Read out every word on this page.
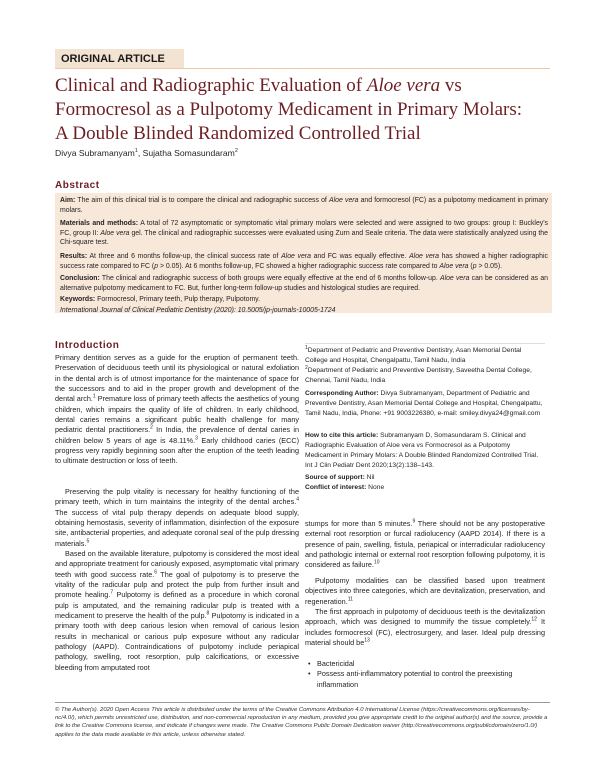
ORIGINAL ARTICLE
Clinical and Radiographic Evaluation of Aloe vera vs
Formocresol as a Pulpotomy Medicament in Primary Molars:
A Double Blinded Randomized Controlled Trial
Divya Subramanyam$^1$, Sujatha Somasundaram$^2$
Abstract

Aim: The aim of this clinical trial is to compare the clinical and radiographic success of Aloe vera and formocresol (FC) as a pulpotomy medicament in primary molars.

Materials and methods: A total of 72 asymptomatic or symptomatic vital primary molars were selected and were assigned to two groups: group I: Buckley's FC, group II: Aloe vera gel. The clinical and radiographic successes were evaluated using Zurn and Seale criteria. The data were statistically analyzed using the Chi-square test.

Results: At three and 6 months follow-up, the clinical success rate of Aloe vera and FC was equally effective. Aloe vera has showed a higher radiographic success rate compared to FC (p > 0.05). At 6 months follow-up, FC showed a higher radiographic success rate compared to Aloe vera (p > 0.05).

Conclusion: The clinical and radiographic success of both groups were equally effective at the end of 6 months follow-up. Aloe vera can be considered as an alternative pulpotomy medicament to FC. But, further long-term follow-up studies and histological studies are required.

Keywords: Formocresol, Primary teeth, Pulp therapy, Pulpotomy.

International Journal of Clinical Pediatric Dentistry (2020): 10.5005/jp-journals-10005-1724

Introduction

Primary dentition serves as a guide for the eruption of permanent teeth. Preservation of deciduous teeth until its physiological or natural exfoliation in the dental arch is of utmost importance for the maintenance of space for the successors and to aid in the proper growth and development of the dental arch.$^1$ Premature loss of primary teeth affects the aesthetics of young children, which impairs the quality of life of children. In early childhood, dental caries remains a significant public health challenge for many pediatric dental practitioners.$^2$ In India, the prevalence of dental caries in children below 5 years of age is 48.11%.$^3$ Early childhood caries (ECC) progress very rapidly beginning soon after the eruption of the teeth leading to ultimate destruction or loss of teeth.

Preserving the pulp vitality is necessary for healthy functioning of the primary teeth, which in turn maintains the integrity of the dental arches.$^4$ The success of vital pulp therapy depends on adequate blood supply, obtaining hemostasis, severity of inflammation, disinfection of the exposure site, antibacterial properties, and adequate coronal seal of the pulp dressing materials.$^5$

Based on the available literature, pulpotomy is considered the most ideal and appropriate treatment for cariously exposed, asymptomatic vital primary teeth with good success rate.$^6$ The goal of pulpotomy is to preserve the vitality of the radicular pulp and protect the pulp from further insult and promote healing.$^7$ Pulpotomy is defined as a procedure in which coronal pulp is amputated, and the remaining radicular pulp is treated with a medicament to preserve the health of the pulp.$^8$ Pulpotomy is indicated in a primary tooth with deep carious lesion when removal of carious lesion results in mechanical or carious pulp exposure without any radicular pathology (AAPD). Contraindications of pulpotomy include periapical pathology, swelling, root resorption, pulp calcifications, or excessive bleeding from amputated root

$^1$Department of Pediatric and Preventive Dentistry, Asan Memorial Dental College and Hospital, Chengalpattu, Tamil Nadu, India

$^2$Department of Pediatric and Preventive Dentistry, Saveetha Dental College, Chennai, Tamil Nadu, India

Corresponding Author: Divya Subramanyam, Department of Pediatric and Preventive Dentistry, Asan Memorial Dental College and Hospital, Chengalpattu, Tamil Nadu, India, Phone: +91 9003226380, e-mail: smiley.divya24@gmail.com

How to cite this article: Subramanyam D, Somasundaram S. Clinical and Radiographic Evaluation of Aloe vera vs Formocresol as a Pulpotomy Medicament in Primary Molars: A Double Blinded Randomized Controlled Trial. Int J Clin Pediatr Dent 2020;13(2):138–143.

Source of support: Nil

Conflict of interest: None

stumps for more than 5 minutes.$^9$ There should not be any postoperative external root resorption or furcal radiolucency (AAPD 2014). If there is a presence of pain, swelling, fistula, periapical or interradicular radiolucency and pathologic internal or external root resorption following pulpotomy, it is considered as failure.$^{10}$

Pulpotomy modalities can be classified based upon treatment objectives into three categories, which are devitalization, preservation, and regeneration.$^{11}$

The first approach in pulpotomy of deciduous teeth is the devitalization approach, which was designed to mummify the tissue completely.$^{12}$ It includes formocresol (FC), electrosurgery, and laser. Ideal pulp dressing material should $be^{13}$

• Bactericidal
• Possess anti-inflammatory potential to control the preexisting inflammation

© The Author(s). 2020 Open Access This article is distributed under the terms of the Creative Commons Attribution 4.0 International License (https://creativecommons.org/licenses/by-nc/4.0/), which permits unrestricted use, distribution, and non-commercial reproduction in any medium, provided you give appropriate credit to the original author(s) and the source, provide a link to the Creative Commons license, and indicate if changes were made. The Creative Commons Public Domain Dedication waiver (http://creativecommons.org/publicdomain/zero/1.0/) applies to the data made available in this article, unless otherwise stated.
